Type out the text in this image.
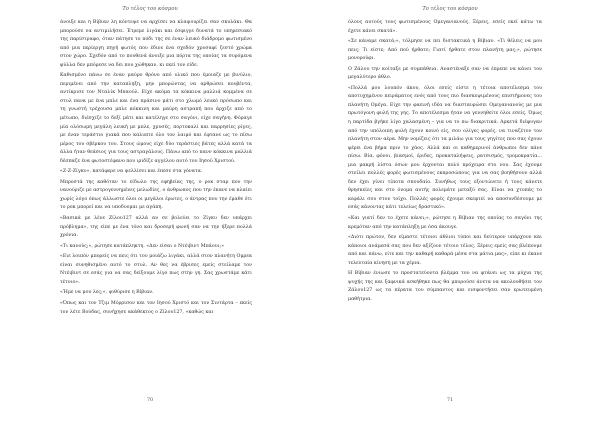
Το τέλος του κόσμου

άνοιξε και η Βίβιαν λη κόντεψε να αρχίσει να κλαψουρίζει σαν σκυλάκι. Θα μπορούσε να αντιμιλήσει. Έτρεμε λιγάκι και έσφιγγε δυνατά το υπηρεσιακό της παρίστραφο, όταν πάτησε το πόδι της σε έναν λευκό διάδρομο φωτισμένο από μια περίεργη πηγή φωτός που έδινε ένα σχεδόν χρυσαφί ζεστό χρώμα στον χώρο. Σχεδόν από το πουθενά άνοιξε μια πόρτα της οποίας τα συρόμενα φύλλα δεν μπόρεσε να δει που χώθηκαν, κι εκεί τον είδε.

Καθισμένο πάνω σε έναν μαύρο θρόνο από υλικό που έμοιαζε με βινύλιο, περιμένει από την καταπληξη, μην μπορώντας να αρθρώσει κουβέντα, αντίκρισε τον Νταλίκ Μπαούλ. Είχε ακόμα τα κόκκινα μαλλιά κομμένα σε στυλ πανκ με ένα μπλε και ένα πράσινο μάτι στο χλωμό λευκό πρόσωπο και τη γνωστή τρέχουσα μπλε κόκκινη και μαύρη αστραπή που άρχιζε από το μέτωπο, διέσχιζε το δεξί μάτι και κατέληγε στο σαγόνι, είχε σαγήνη. Φόραγε μία ολόσωμη μεγάλη λευκή με μπλε, χρυσές, πορτοκαλί και παρρησίες ρίγες, με έναν τεράστιο γιακά που καλυπτε όλο τον λαιμό και έφτανε ως το πίσω μέρος του σβέρκου του. Στους ώμους είχε δύο τεράστιες βάτες αλλά κατά τα άλλα ήταν θεάσιος για τους αστραγάλους. Πάνω από το πανν κόκκινα μαλλιά δέσπαζε ένα φωτοστέφανο που ιριδίζε αγγέλου αυτό του Ιησού Χριστού.

«Z-Z-Ζίγκυ», κατάφερε να ψελλίσει και έπεσε στα γόνατα.

Μπροστά της καθόταν το είδωλο της εφηβείας της, ο ροκ σταρ που την νανούριζε με αστρογεννημένες μελωδίες, ο άνθρωπος που την έκανε να κλαίει χωρίς λόγο όπως άλλωστε όλοι οι μεγάλοι έρωτες, ο άντρας που την έμαθε ότι το ροκ μπορεί και να υποδυομαι με αγάπη.

«Βασικά με λένε Ζίλου127 αλλά αν σε βολεύει το Ζίγκυ δεν υπάρχει πρόβλημα», της είπε με ένα τόνο και δροσερή φωνή σαν να την ήξερε πολλά χρόνια.

«Τι κανούς;», ρώτησε κατάπληκτη. «Δεν είσαι ο Ντέιβιντ Μπάουι;»

«Ειε λοιπόν μπορείς να πεις ότι του μοιάζω λιγάκι, αλλά στον πλανήτη Ομρεα είναι συνηθισμένο αυτό το στυλ. Αν θες να έβρισες εμείς στείλαμε τον Ντέιβιντ σε εσάς για να σας δείξουμε λίγο πως στην γη. Σας χρωστάμε κάτι τέτοιο».

«Ήμε να μου λες;», ψιθύρισε η Βίβιαν.

«Όπως και τον Τζιμ Μόρρισον και τον Ιησού Χριστό και τον Σιντάρτα – εκείς τον λέτε Βούδας, συνήχησε ακάθεκτος ο Ζίλου127, «καθώς και

70
Το τέλος του κόσμου

όλους αυτούς τους φωτισμένους Ομεγανιανούς. Ξέρεις, εσείς εκεί κάτω τα έχετε κάνει σκατά».

«Σε κάναμε σκατά;», τόλμησε να πει διστακτικά η Βίβιαν. «Τι θέλεις να μου πεις; Τι είστε; Από πού ήρθατε; Γιατί ήρθατε στον πλανήτη μας;», ρώτησε μονορούφι.

Ο Ζάλου την κοίταξε με συμπάθεια. Αναστέναξε σαν να έπρεπε να κάνει τον μεγαλύτερο άθλο.

«Πολλά μου λουπόν άκου, όλοι εσείς είστε η τέτοια αποτέλεσμα του αποτυχημένου πειράματος ενός από τους πιο διασκεψιμένους επιστήμονες του πλανήτη Ομέγα. Είχε την φαεινή ιδέα να διασταυρώσει Ομεγανιανούς με μια πρωτόγονη φυλή της γης. Το αποτέλεσμα ήταν να γεννηθείτε όλοι εσείς. Όμως η παρτίδα βγήκε λίγο χαλασμένη – για να το πω διακριτικά. Αρκετά διέφυγαν από την υπόλοιπη φυλή έχουν κοινό είς, σου ολίγες φορές, να τιναζέτον τον πλανήτη στον αέρα. Μην νομίζεις ότι τα μιλάω για τους γηγίτες που σας έχουν φέρει ένα βήμα πριν το χάος. Αλλά και οι καθημερινοί άνθρωποι δεν πάνε πίσω. Βία, φόνοι, βιασμοί, έριδες, προκαταλήψεις, ρατσισμός, τρομοκρατία... μια μακρή λίστα όσων μου έρχονται πολύ πρόχειρα στο νου. Σας έχουμε στείλει πολλές φορές φωτισμένους εκπροσώπους για να σας βοηθήσουν αλλά δεν έχει γίνει τίποτα σπουδαίο. Συνήθως τους εξοντώνετε ή τους κάνετε θρησκείες και στο όνομα αυτής πολεμάτε μεταξύ σας. Είναι να χτυπάς το κεφάλι σου στον τοίχο. Πολλές φορές έχουμε σκεφτεί να αποσυνδέσουμε με εσάς κάνοντας κάτι τελείως δραστικό».

«Και γιατί δεν το έχετε κάνει;», ρώτησε η Βίβιαν της οποίας το σαγόνι της κρεμόταν από την κατάπληξη με όσα άκουγε.

«Διότι πρώτον, δεν είμαστε τέτοιοι άθλιοι τύποι και δεύτερον υπάρχουν και κάποιοι ανάμεσά σας που δεν αξίζουν τέτοιο τέλος. Ξέρεις εμείς σας βλέπουμε από και πάνω, είτε και την καθαρή καθαρά μέσα στα μάτια μας», είπε κι έκανε τελευταία κίνηση με τα χέρια.

Η Βίβιαν ένιωσε το προστατεύοντα βλέμμα του να φτάνει ως τα μύχια της ψυχής της και ξαφνικά ασκήθηκε πως θα μπορούσε άνετα να ακολουθήσει τον Ζάλου127 ως τα πέρατα του σύμπαντος και εισφοντήσει σαν ερωτευμένη μαθήτρια.

71
